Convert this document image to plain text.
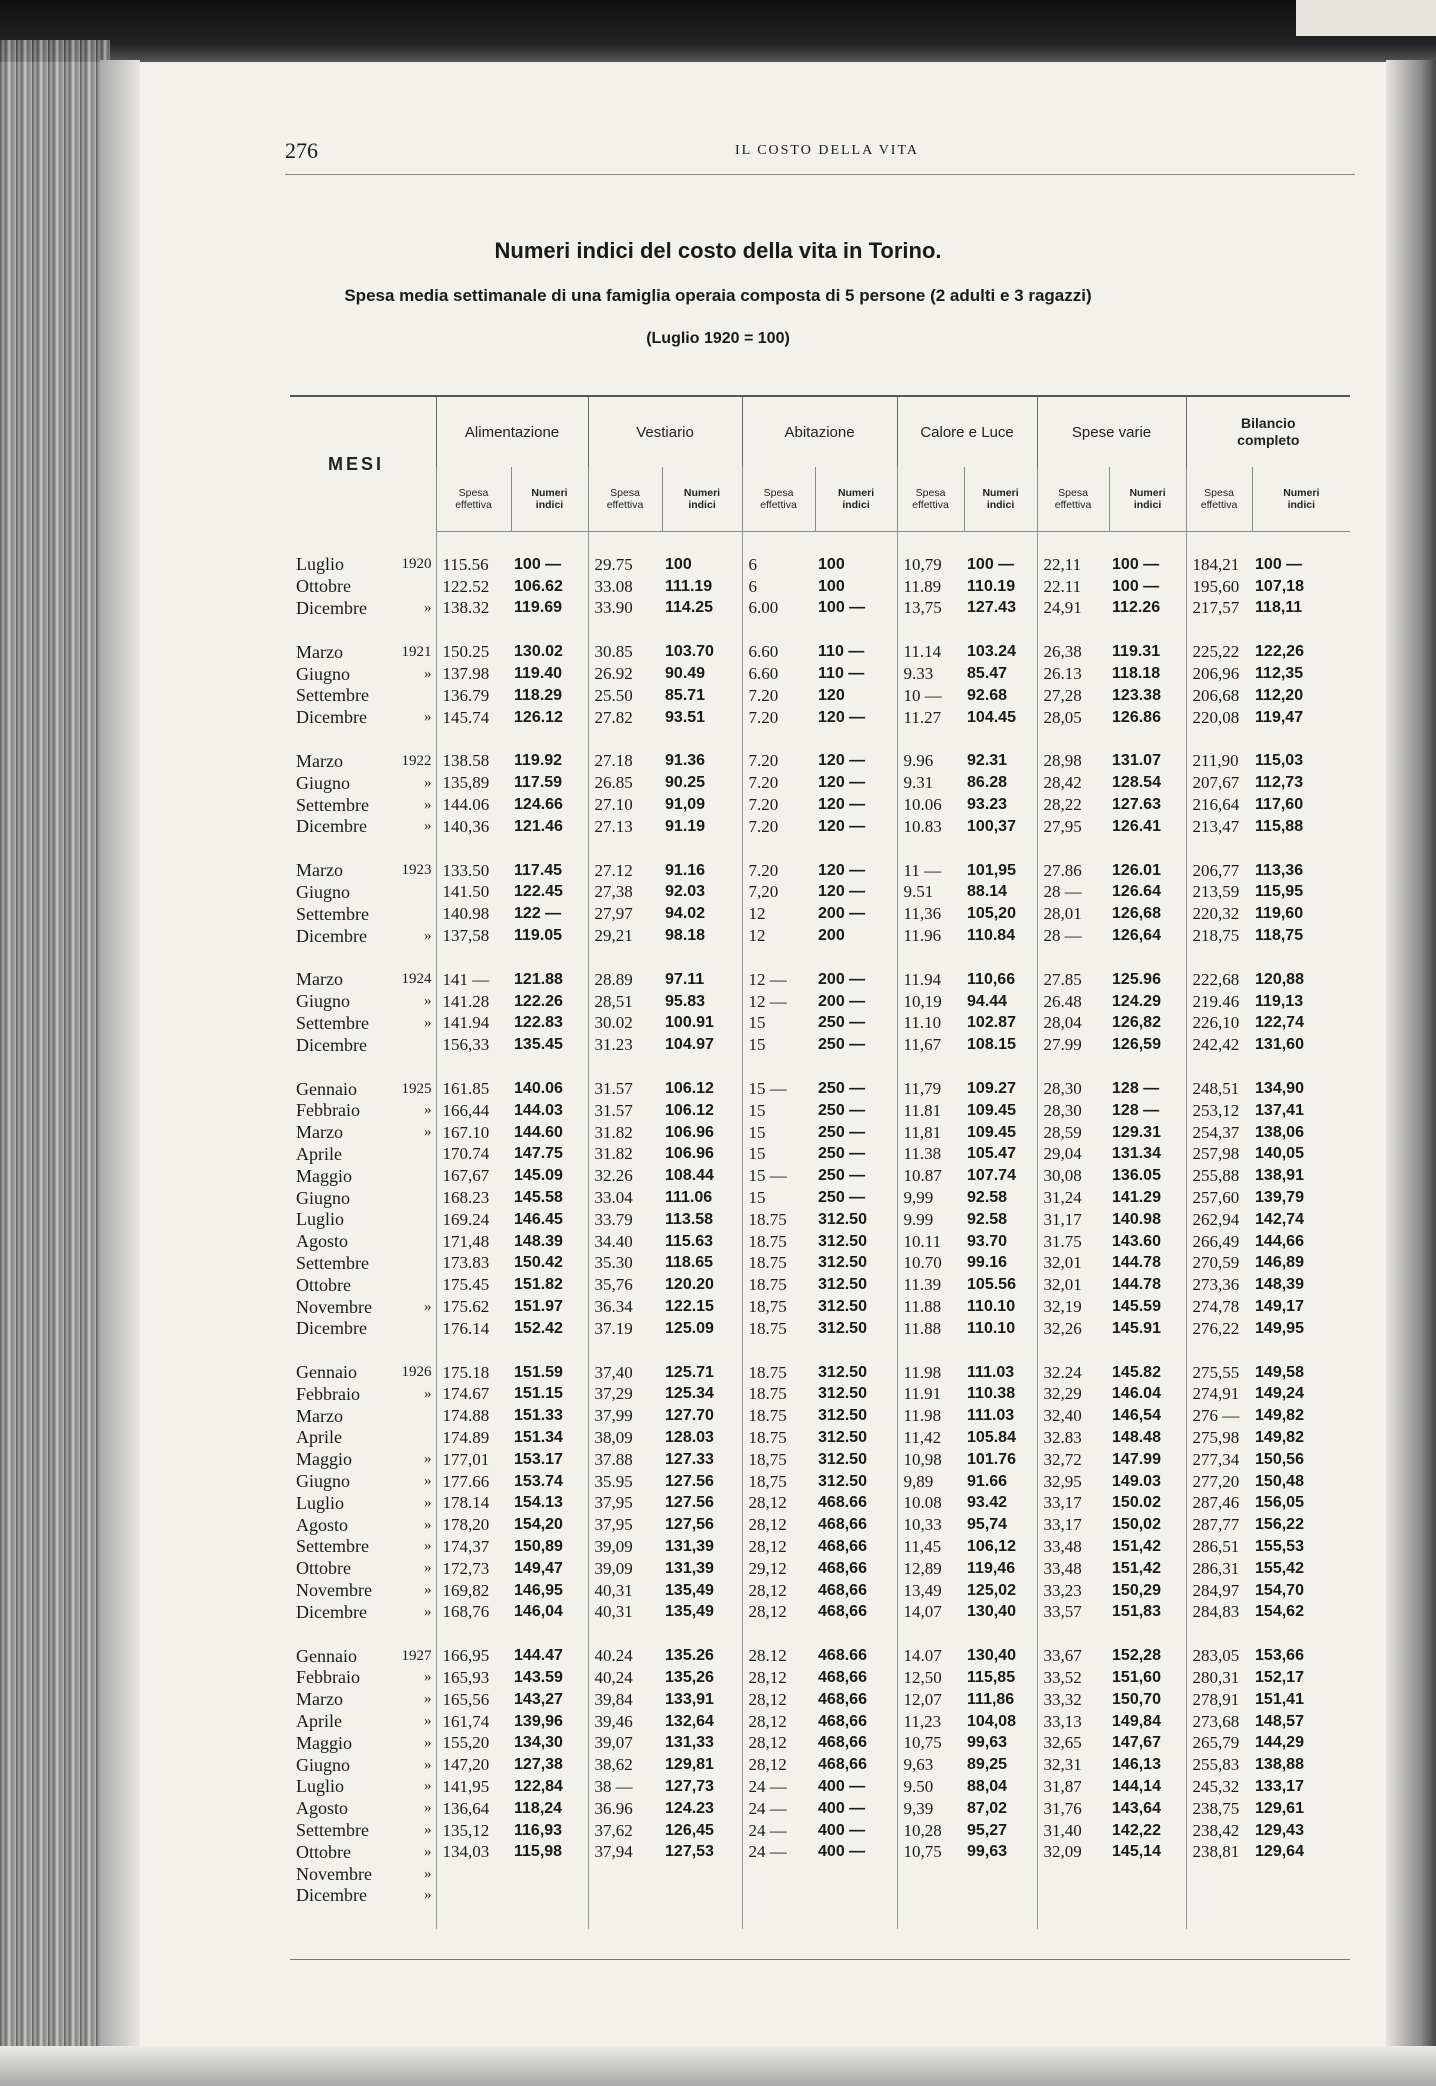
276	IL COSTO DELLA VITA
Numeri indici del costo della vita in Torino.
Spesa media settimanale di una famiglia operaia composta di 5 persone (2 adulti e 3 ragazzi)
(Luglio 1920 = 100)
MESI		Alimentazione		Vestiario		Abitazione		Calore e Luce		Spese varie		Bilancio
completo	
		Spesa
effettiva	Numeri
indici	Spesa
effettiva	Numeri
indici	Spesa
effettiva	Numeri
indici	Spesa
effettiva	Numeri
indici	Spesa
effettiva	Numeri
indici	Spesa
effettiva	Numeri
indici

Luglio	1920	115.56	100 —	29.75	100	6	100	10,79	100 —	22,11	100 —	184,21	100 —
Ottobre		122.52	106.62	33.08	111.19	6	100	11.89	110.19	22.11	100 —	195,60	107,18
Dicembre	»	138.32	119.69	33.90	114.25	6.00	100 —	13,75	127.43	24,91	112.26	217,57	118,11

Marzo	1921	150.25	130.02	30.85	103.70	6.60	110 —	11.14	103.24	26,38	119.31	225,22	122,26
Giugno	»	137.98	119.40	26.92	90.49	6.60	110 —	9.33	85.47	26.13	118.18	206,96	112,35
Settembre		136.79	118.29	25.50	85.71	7.20	120	10 —	92.68	27,28	123.38	206,68	112,20
Dicembre	»	145.74	126.12	27.82	93.51	7.20	120 —	11.27	104.45	28,05	126.86	220,08	119,47

Marzo	1922	138.58	119.92	27.18	91.36	7.20	120 —	9.96	92.31	28,98	131.07	211,90	115,03
Giugno	»	135,89	117.59	26.85	90.25	7.20	120 —	9.31	86.28	28,42	128.54	207,67	112,73
Settembre	»	144.06	124.66	27.10	91,09	7.20	120 —	10.06	93.23	28,22	127.63	216,64	117,60
Dicembre	»	140,36	121.46	27.13	91.19	7.20	120 —	10.83	100,37	27,95	126.41	213,47	115,88

Marzo	1923	133.50	117.45	27.12	91.16	7.20	120 —	11 —	101,95	27.86	126.01	206,77	113,36
Giugno		141.50	122.45	27,38	92.03	7,20	120 —	9.51	88.14	28 —	126.64	213,59	115,95
Settembre		140.98	122 —	27,97	94.02	12	200 —	11,36	105,20	28,01	126,68	220,32	119,60
Dicembre	»	137,58	119.05	29,21	98.18	12	200	11.96	110.84	28 —	126,64	218,75	118,75

Marzo	1924	141 —	121.88	28.89	97.11	12 —	200 —	11.94	110,66	27.85	125.96	222,68	120,88
Giugno	»	141.28	122.26	28,51	95.83	12 —	200 —	10,19	94.44	26.48	124.29	219.46	119,13
Settembre	»	141.94	122.83	30.02	100.91	15	250 —	11.10	102.87	28,04	126,82	226,10	122,74
Dicembre		156,33	135.45	31.23	104.97	15	250 —	11,67	108.15	27.99	126,59	242,42	131,60

Gennaio	1925	161.85	140.06	31.57	106.12	15 —	250 —	11,79	109.27	28,30	128 —	248,51	134,90
Febbraio	»	166,44	144.03	31.57	106.12	15	250 —	11.81	109.45	28,30	128 —	253,12	137,41
Marzo	»	167.10	144.60	31.82	106.96	15	250 —	11,81	109.45	28,59	129.31	254,37	138,06
Aprile		170.74	147.75	31.82	106.96	15	250 —	11.38	105.47	29,04	131.34	257,98	140,05
Maggio		167,67	145.09	32.26	108.44	15 —	250 —	10.87	107.74	30,08	136.05	255,88	138,91
Giugno		168.23	145.58	33.04	111.06	15	250 —	9,99	92.58	31,24	141.29	257,60	139,79
Luglio		169.24	146.45	33.79	113.58	18.75	312.50	9.99	92.58	31,17	140.98	262,94	142,74
Agosto		171,48	148.39	34.40	115.63	18.75	312.50	10.11	93.70	31.75	143.60	266,49	144,66
Settembre		173.83	150.42	35.30	118.65	18.75	312.50	10.70	99.16	32,01	144.78	270,59	146,89
Ottobre		175.45	151.82	35,76	120.20	18.75	312.50	11.39	105.56	32,01	144.78	273,36	148,39
Novembre	»	175.62	151.97	36.34	122.15	18,75	312.50	11.88	110.10	32,19	145.59	274,78	149,17
Dicembre		176.14	152.42	37.19	125.09	18.75	312.50	11.88	110.10	32,26	145.91	276,22	149,95

Gennaio	1926	175.18	151.59	37,40	125.71	18.75	312.50	11.98	111.03	32.24	145.82	275,55	149,58
Febbraio	»	174.67	151.15	37,29	125.34	18.75	312.50	11.91	110.38	32,29	146.04	274,91	149,24
Marzo		174.88	151.33	37,99	127.70	18.75	312.50	11.98	111.03	32,40	146,54	276 —	149,82
Aprile		174.89	151.34	38,09	128.03	18.75	312.50	11,42	105.84	32.83	148.48	275,98	149,82
Maggio	»	177,01	153.17	37.88	127.33	18,75	312.50	10,98	101.76	32,72	147.99	277,34	150,56
Giugno	»	177.66	153.74	35.95	127.56	18,75	312.50	9,89	91.66	32,95	149.03	277,20	150,48
Luglio	»	178.14	154.13	37,95	127.56	28,12	468.66	10.08	93.42	33,17	150.02	287,46	156,05
Agosto	»	178,20	154,20	37,95	127,56	28,12	468,66	10,33	95,74	33,17	150,02	287,77	156,22
Settembre	»	174,37	150,89	39,09	131,39	28,12	468,66	11,45	106,12	33,48	151,42	286,51	155,53
Ottobre	»	172,73	149,47	39,09	131,39	29,12	468,66	12,89	119,46	33,48	151,42	286,31	155,42
Novembre	»	169,82	146,95	40,31	135,49	28,12	468,66	13,49	125,02	33,23	150,29	284,97	154,70
Dicembre	»	168,76	146,04	40,31	135,49	28,12	468,66	14,07	130,40	33,57	151,83	284,83	154,62

Gennaio	1927	166,95	144.47	40.24	135.26	28.12	468.66	14.07	130,40	33,67	152,28	283,05	153,66
Febbraio	»	165,93	143.59	40,24	135,26	28,12	468,66	12,50	115,85	33,52	151,60	280,31	152,17
Marzo	»	165,56	143,27	39,84	133,91	28,12	468,66	12,07	111,86	33,32	150,70	278,91	151,41
Aprile	»	161,74	139,96	39,46	132,64	28,12	468,66	11,23	104,08	33,13	149,84	273,68	148,57
Maggio	»	155,20	134,30	39,07	131,33	28,12	468,66	10,75	99,63	32,65	147,67	265,79	144,29
Giugno	»	147,20	127,38	38,62	129,81	28,12	468,66	9,63	89,25	32,31	146,13	255,83	138,88
Luglio	»	141,95	122,84	38 —	127,73	24 —	400 —	9.50	88,04	31,87	144,14	245,32	133,17
Agosto	»	136,64	118,24	36.96	124.23	24 —	400 —	9,39	87,02	31,76	143,64	238,75	129,61
Settembre	»	135,12	116,93	37,62	126,45	24 —	400 —	10,28	95,27	31,40	142,22	238,42	129,43
Ottobre	»	134,03	115,98	37,94	127,53	24 —	400 —	10,75	99,63	32,09	145,14	238,81	129,64
Novembre	»												
Dicembre	»												
